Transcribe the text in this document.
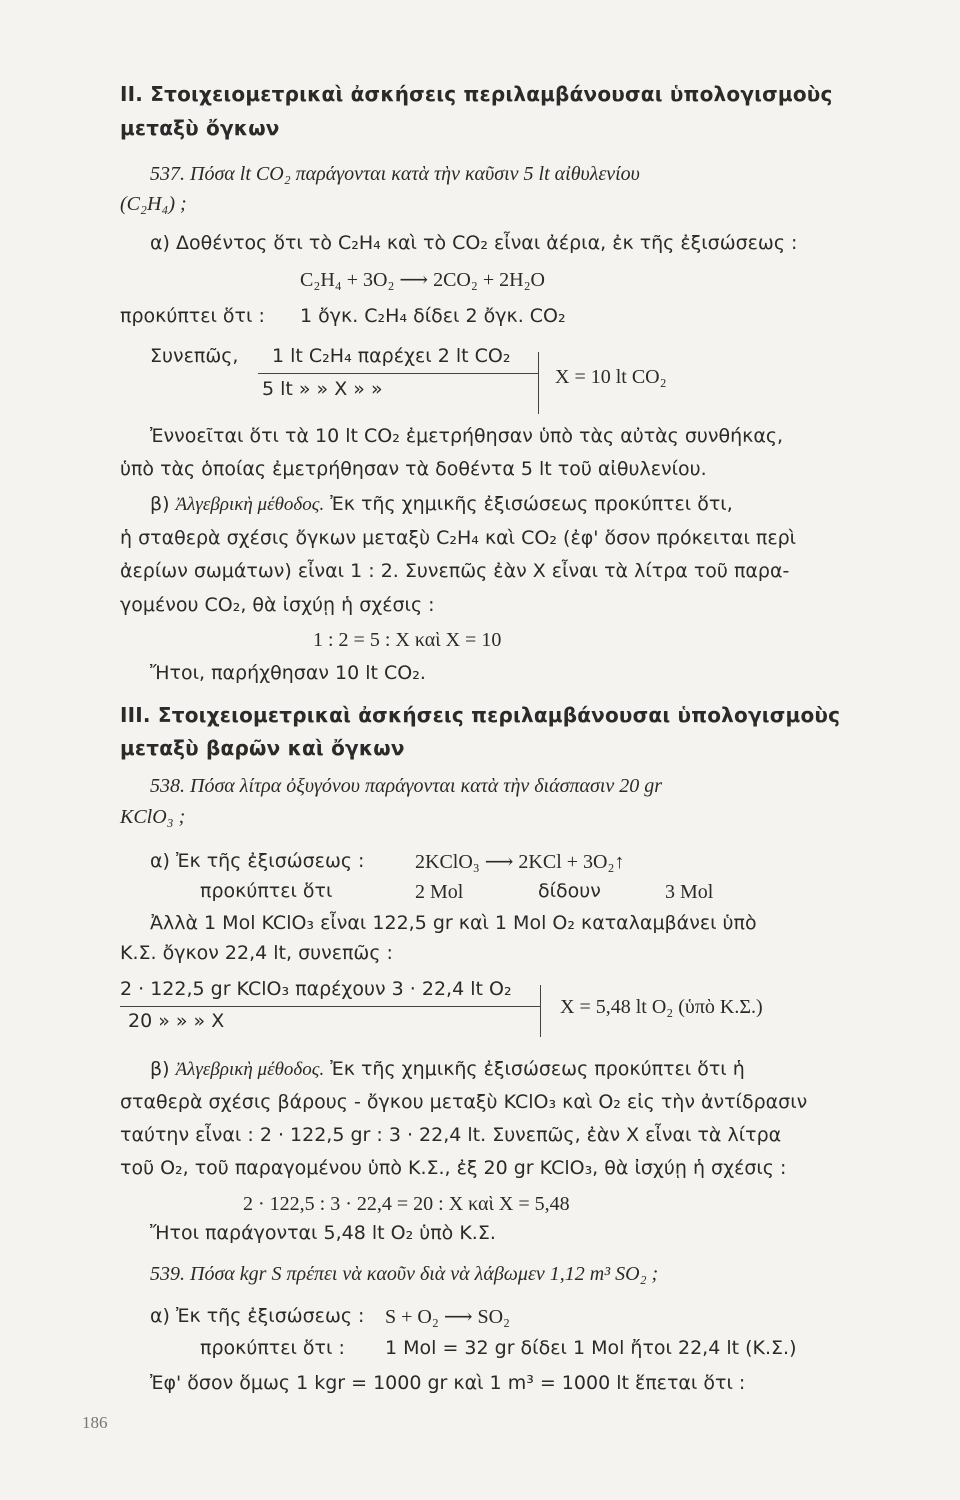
II. Στοιχειομετρικαὶ ἀσκήσεις περιλαμβάνουσαι ὑπολογισμοὺς
μεταξὺ ὄγκων
537. Πόσα lt CO₂ παράγονται κατὰ τὴν καῦσιν 5 lt αἰθυλενίου
(C₂H₄) ;
α) Δοθέντος ὅτι τὸ C₂H₄ καὶ τὸ CO₂ εἶναι ἀέρια, ἐκ τῆς ἐξισώσεως :
C₂H₄ + 3O₂ ⟶ 2CO₂ + 2H₂O
προκύπτει ὅτι : 1 ὄγκ. C₂H₄ δίδει 2 ὄγκ. CO₂
Συνεπῶς, 1 lt C₂H₄ παρέχει 2 lt CO₂
5 lt » » X » »
X = 10 lt CO₂
Ἐννοεῖται ὅτι τὰ 10 lt CO₂ ἐμετρήθησαν ὑπὸ τὰς αὐτὰς συνθήκας,
ὑπὸ τὰς ὁποίας ἐμετρήθησαν τὰ δοθέντα 5 lt τοῦ αἰθυλενίου.
β) Ἀλγεβρικὴ μέθοδος. Ἐκ τῆς χημικῆς ἐξισώσεως προκύπτει ὅτι,
ἡ σταθερὰ σχέσις ὄγκων μεταξὺ C₂H₄ καὶ CO₂ (ἐφ' ὅσον πρόκειται περὶ
ἀερίων σωμάτων) εἶναι 1 : 2. Συνεπῶς ἐὰν X εἶναι τὰ λίτρα τοῦ παρα-
γομένου CO₂, θὰ ἰσχύῃ ἡ σχέσις :
1 : 2 = 5 : X καὶ X = 10
Ἤτοι, παρήχθησαν 10 lt CO₂.
III. Στοιχειομετρικαὶ ἀσκήσεις περιλαμβάνουσαι ὑπολογισμοὺς
μεταξὺ βαρῶν καὶ ὄγκων
538. Πόσα λίτρα ὀξυγόνου παράγονται κατὰ τὴν διάσπασιν 20 gr
KClO₃ ;
α) Ἐκ τῆς ἐξισώσεως :	2KClO₃ ⟶ 2KCl + 3O₂↑
προκύπτει ὅτι	2 Mol	δίδουν	3 Mol
Ἀλλὰ 1 Mol KClO₃ εἶναι 122,5 gr καὶ 1 Mol O₂ καταλαμβάνει ὑπὸ
Κ.Σ. ὄγκον 22,4 lt, συνεπῶς :
2 · 122,5 gr KClO₃ παρέχουν 3 · 22,4 lt O₂
20 » » » X
X = 5,48 lt O₂ (ὑπὸ Κ.Σ.)
β) Ἀλγεβρικὴ μέθοδος. Ἐκ τῆς χημικῆς ἐξισώσεως προκύπτει ὅτι ἡ
σταθερὰ σχέσις βάρους - ὄγκου μεταξὺ KClO₃ καὶ O₂ εἰς τὴν ἀντίδρασιν
ταύτην εἶναι : 2 · 122,5 gr : 3 · 22,4 lt. Συνεπῶς, ἐὰν X εἶναι τὰ λίτρα
τοῦ O₂, τοῦ παραγομένου ὑπὸ Κ.Σ., ἐξ 20 gr KClO₃, θὰ ἰσχύῃ ἡ σχέσις :
2 · 122,5 : 3 · 22,4 = 20 : X καὶ X = 5,48
Ἤτοι παράγονται 5,48 lt O₂ ὑπὸ Κ.Σ.
539. Πόσα kgr S πρέπει νὰ καοῦν διὰ νὰ λάβωμεν 1,12 m³ SO₂ ;
α) Ἐκ τῆς ἐξισώσεως : S + O₂ ⟶ SO₂
προκύπτει ὅτι : 1 Mol = 32 gr δίδει 1 Mol ἤτοι 22,4 lt (Κ.Σ.)
Ἐφ' ὅσον ὅμως 1 kgr = 1000 gr καὶ 1 m³ = 1000 lt ἕπεται ὅτι :
186
